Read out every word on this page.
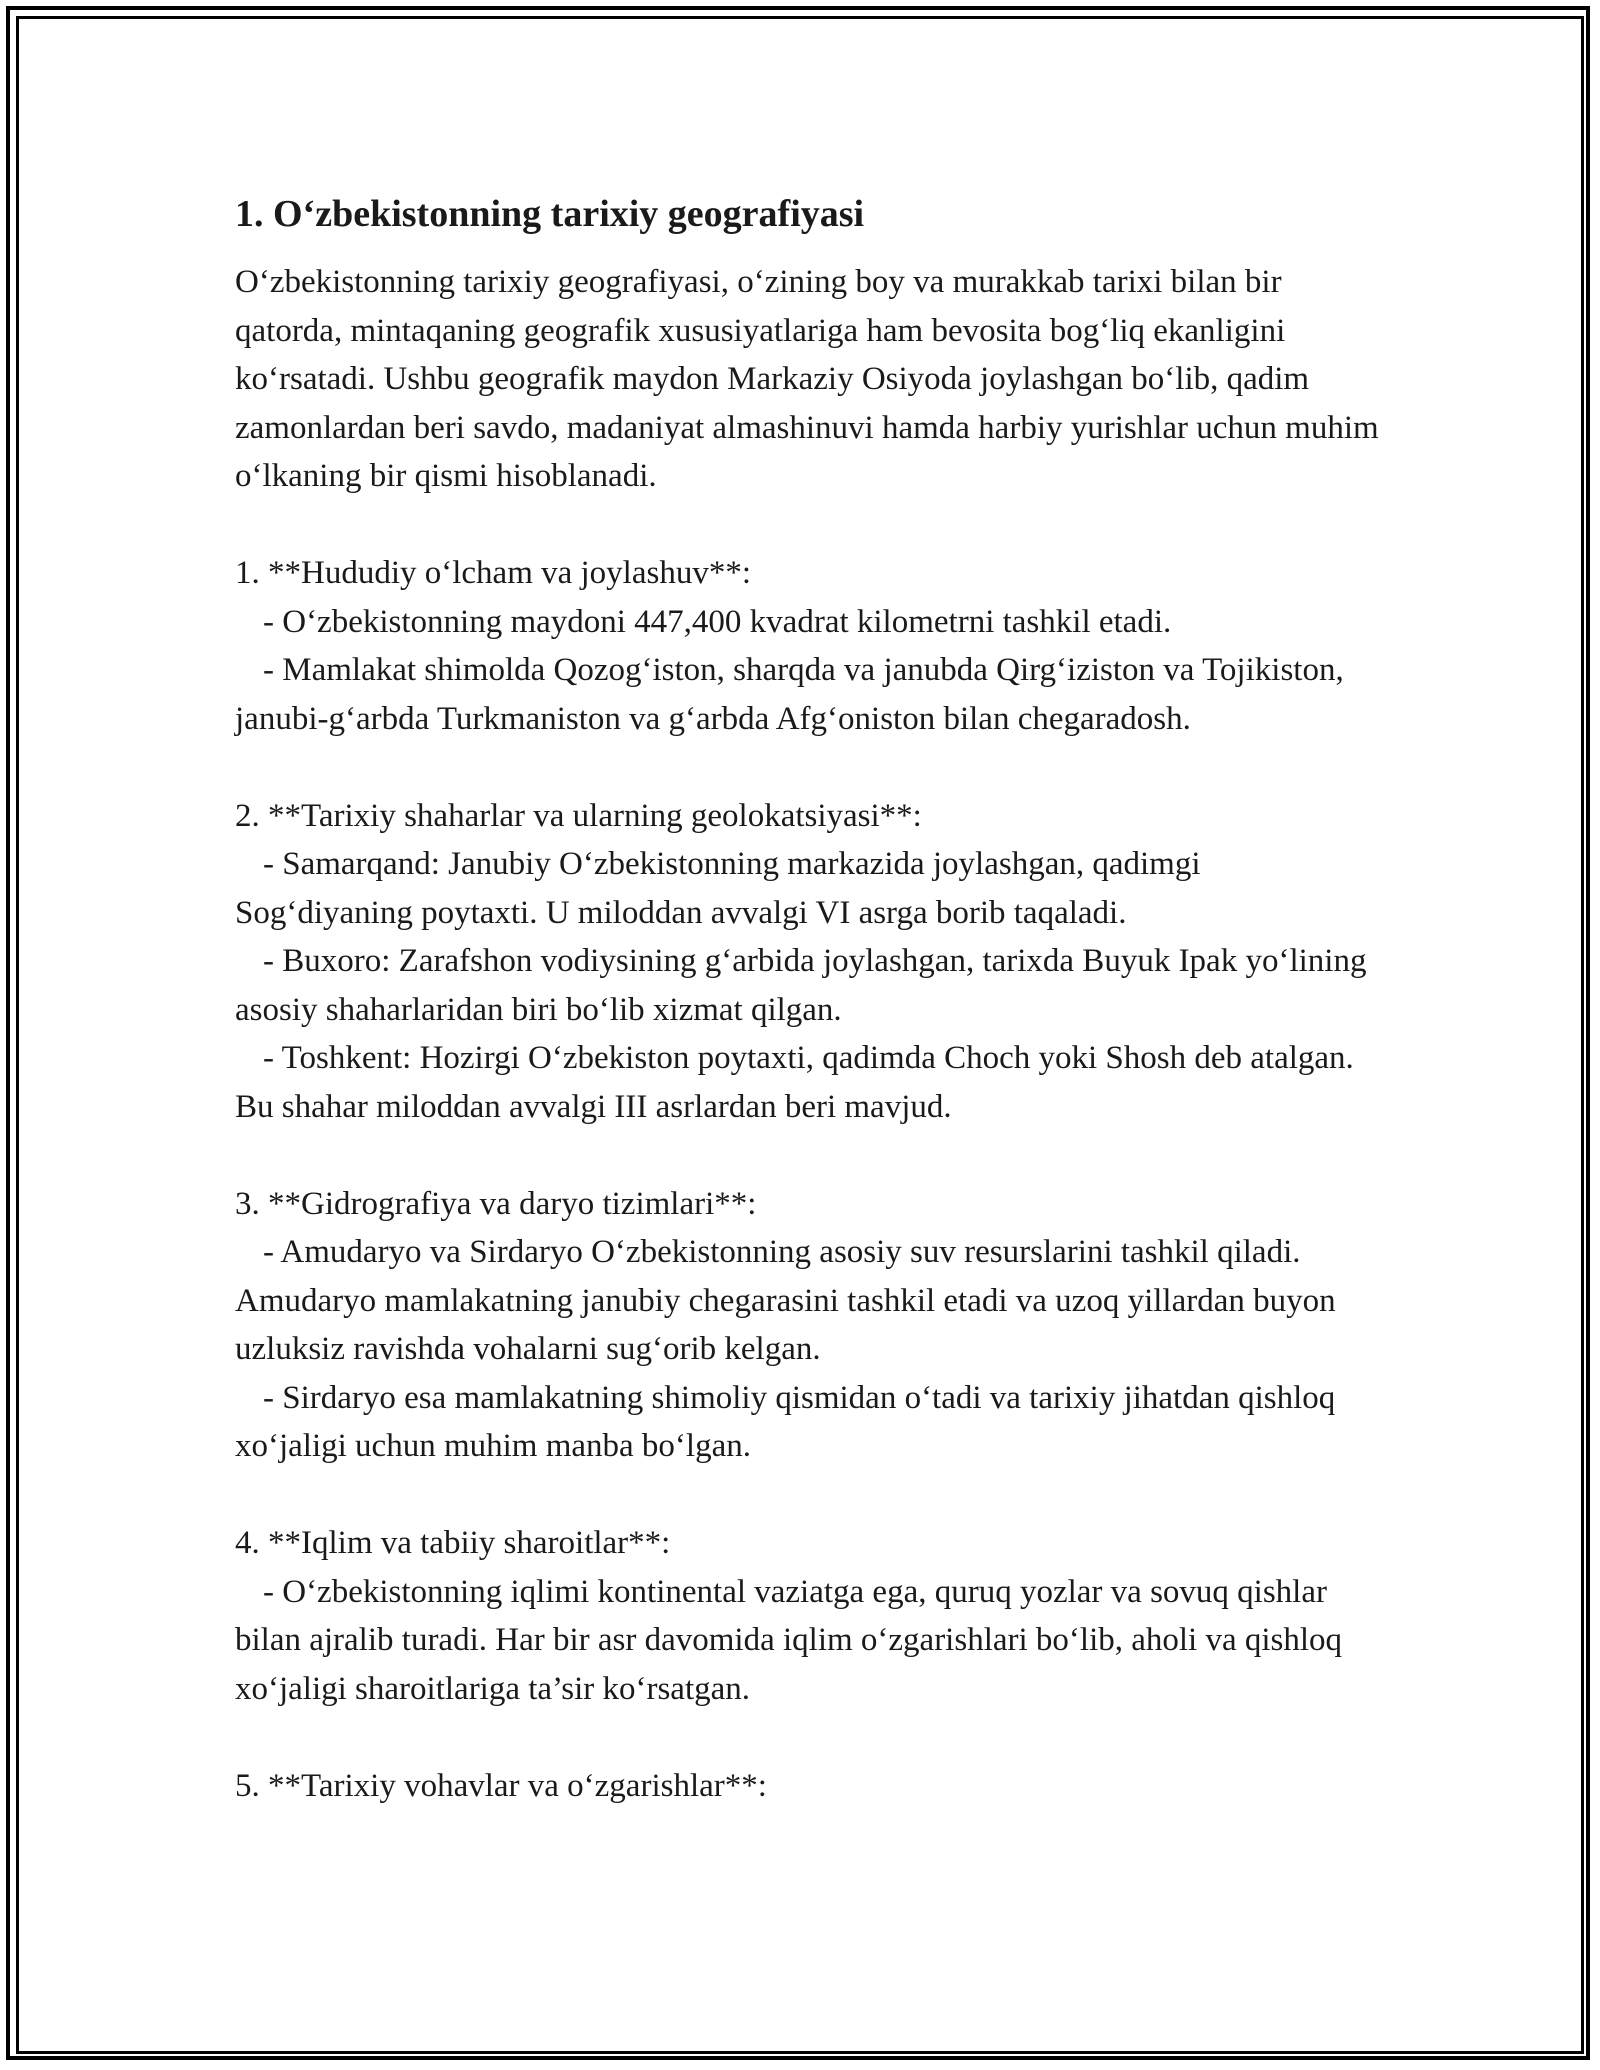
1. O‘zbekistonning tarixiy geografiyasi

O‘zbekistonning tarixiy geografiyasi, o‘zining boy va murakkab tarixi bilan bir qatorda, mintaqaning geografik xususiyatlariga ham bevosita bog‘liq ekanligini ko‘rsatadi. Ushbu geografik maydon Markaziy Osiyoda joylashgan bo‘lib, qadim zamonlardan beri savdo, madaniyat almashinuvi hamda harbiy yurishlar uchun muhim o‘lkaning bir qismi hisoblanadi.

1. **Hududiy o‘lcham va joylashuv**:
- O‘zbekistonning maydoni 447,400 kvadrat kilometrni tashkil etadi.
- Mamlakat shimolda Qozog‘iston, sharqda va janubda Qirg‘iziston va Tojikiston, janubi-g‘arbda Turkmaniston va g‘arbda Afg‘oniston bilan chegaradosh.
2. **Tarixiy shaharlar va ularning geolokatsiyasi**:
- Samarqand: Janubiy O‘zbekistonning markazida joylashgan, qadimgi Sog‘diyaning poytaxti. U miloddan avvalgi VI asrga borib taqaladi.
- Buxoro: Zarafshon vodiysining g‘arbida joylashgan, tarixda Buyuk Ipak yo‘lining asosiy shaharlaridan biri bo‘lib xizmat qilgan.
- Toshkent: Hozirgi O‘zbekiston poytaxti, qadimda Choch yoki Shosh deb atalgan. Bu shahar miloddan avvalgi III asrlardan beri mavjud.
3. **Gidrografiya va daryo tizimlari**:
- Amudaryo va Sirdaryo O‘zbekistonning asosiy suv resurslarini tashkil qiladi. Amudaryo mamlakatning janubiy chegarasini tashkil etadi va uzoq yillardan buyon uzluksiz ravishda vohalarni sug‘orib kelgan.
- Sirdaryo esa mamlakatning shimoliy qismidan o‘tadi va tarixiy jihatdan qishloq xo‘jaligi uchun muhim manba bo‘lgan.
4. **Iqlim va tabiiy sharoitlar**:
- O‘zbekistonning iqlimi kontinental vaziatga ega, quruq yozlar va sovuq qishlar bilan ajralib turadi. Har bir asr davomida iqlim o‘zgarishlari bo‘lib, aholi va qishloq xo‘jaligi sharoitlariga ta’sir ko‘rsatgan.
5. **Tarixiy vohavlar va o‘zgarishlar**:
